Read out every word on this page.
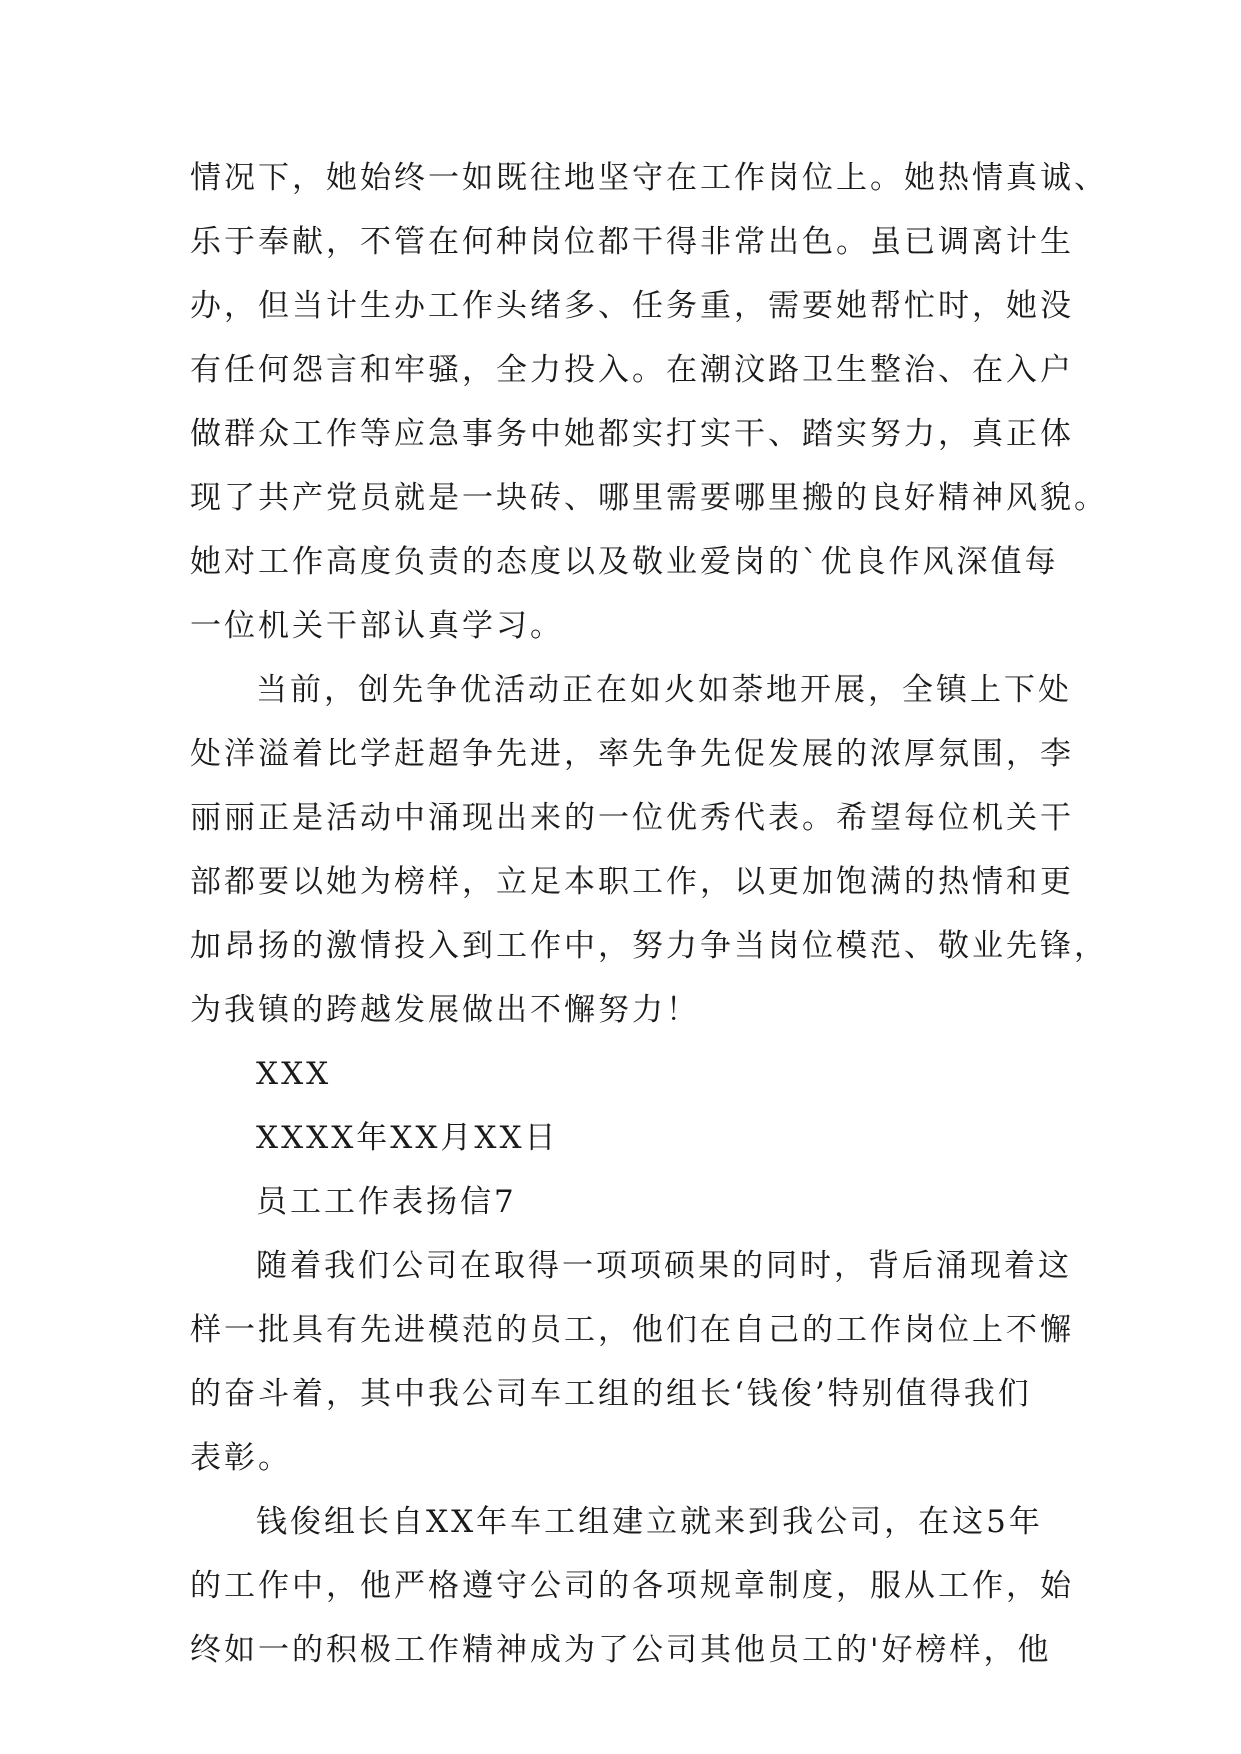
情况下，她始终一如既往地坚守在工作岗位上。她热情真诚、
乐于奉献，不管在何种岗位都干得非常出色。虽已调离计生
办，但当计生办工作头绪多、任务重，需要她帮忙时，她没
有任何怨言和牢骚，全力投入。在潮汶路卫生整治、在入户
做群众工作等应急事务中她都实打实干、踏实努力，真正体
现了共产党员就是一块砖、哪里需要哪里搬的良好精神风貌。
她对工作高度负责的态度以及敬业爱岗的`优良作风深值每
一位机关干部认真学习。
当前，创先争优活动正在如火如荼地开展，全镇上下处
处洋溢着比学赶超争先进，率先争先促发展的浓厚氛围，李
丽丽正是活动中涌现出来的一位优秀代表。希望每位机关干
部都要以她为榜样，立足本职工作，以更加饱满的热情和更
加昂扬的激情投入到工作中，努力争当岗位模范、敬业先锋，
为我镇的跨越发展做出不懈努力！
XXX
XXXX年XX月XX日
员工工作表扬信7
随着我们公司在取得一项项硕果的同时，背后涌现着这
样一批具有先进模范的员工，他们在自己的工作岗位上不懈
的奋斗着，其中我公司车工组的组长‘钱俊’特别值得我们
表彰。
钱俊组长自XX年车工组建立就来到我公司，在这5年
的工作中，他严格遵守公司的各项规章制度，服从工作，始
终如一的积极工作精神成为了公司其他员工的'好榜样，他
